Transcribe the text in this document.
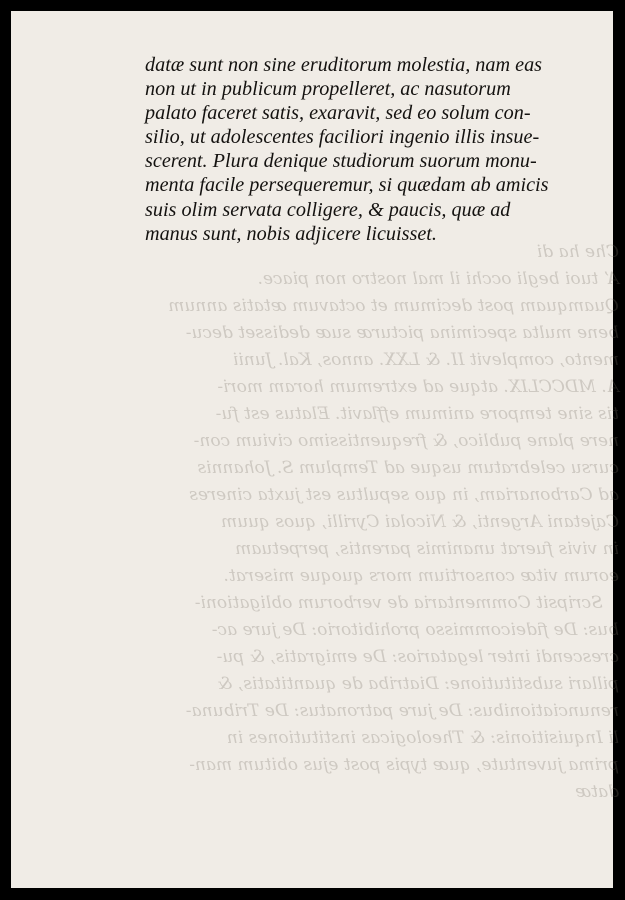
Che ha di
A’ tuoi begli occhi il mal nostro non piace.
Quamquam post decimum et octavum ætatis annum
bene multa specimina picturæ suæ dedisset decu-
mento, complevit II. & LXX. annos, Kal. Junii
A. MDCCLIX. atque ad extremum horam mori-
tis sine tempore animum efflavit. Elatus est fu-
nere plane publico, & frequentissimo civium con-
cursu celebratum usque ad Templum S. Johannis
ad Carbonariam, in quo sepultus est juxta cineres
Cajetani Argenti, & Nicolai Cyrilli, quos quum
in vivis fuerat unanimis parentis, perpetuam
eorum vitæ consortium mors quoque miserat.
Scripsit Commentaria de verborum obligationi-
bus: De fideicommisso prohibitorio: De jure ac-
crescendi inter legatarios: De emigratis, & pu-
pillari substitutione: Diatriba de quantitatis, &
renunciationibus: De jure patronatus: De Tribuna-
li Inquisitionis: & Theologicas institutiones in
prima juventute, quæ typis post ejus obitum man-
datæ
datæ sunt non sine eruditorum molestia, nam eas
non ut in publicum propelleret, ac nasutorum
palato faceret satis, exaravit, sed eo solum con-
silio, ut adolescentes faciliori ingenio illis insue-
scerent. Plura denique studiorum suorum monu-
menta facile persequeremur, si quædam ab amicis
suis olim servata colligere, & paucis, quæ ad
manus sunt, nobis adjicere licuisset.
